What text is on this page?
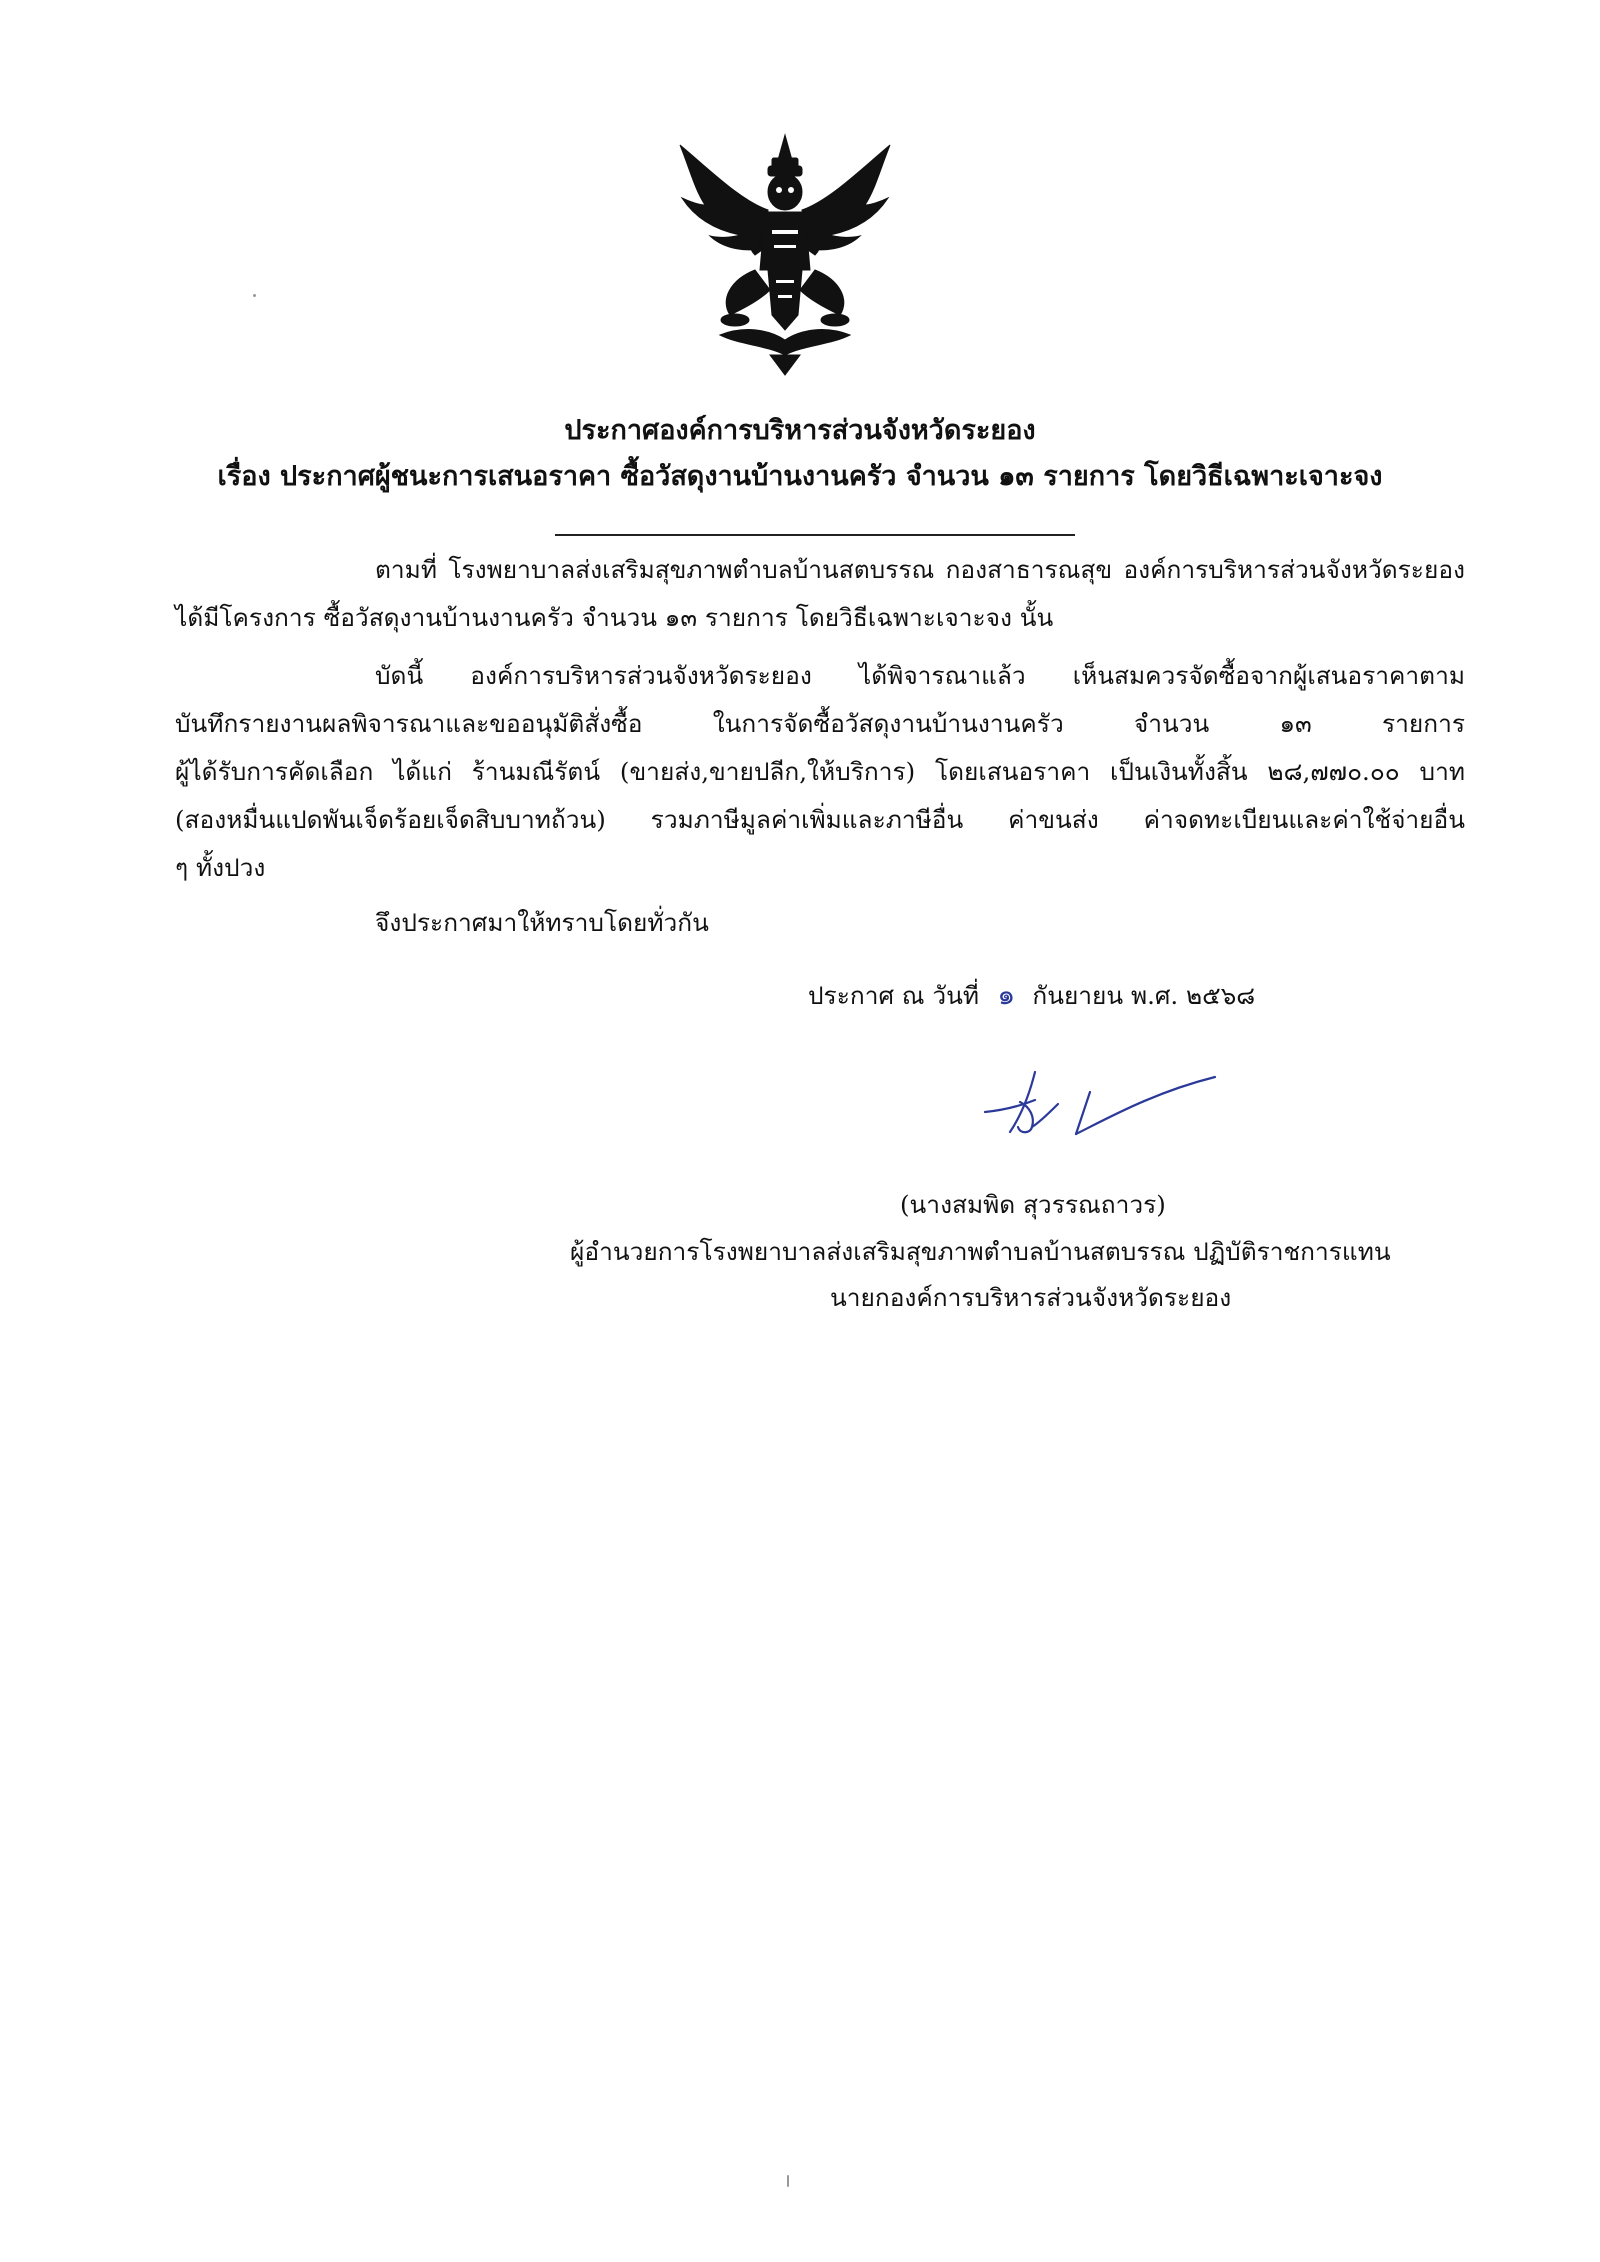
ประกาศองค์การบริหารส่วนจังหวัดระยอง
เรื่อง ประกาศผู้ชนะการเสนอราคา ซื้อวัสดุงานบ้านงานครัว จำนวน ๑๓ รายการ โดยวิธีเฉพาะเจาะจง
ตามที่ โรงพยาบาลส่งเสริมสุขภาพตำบลบ้านสตบรรณ กองสาธารณสุข องค์การบริหารส่วนจังหวัดระยอง
ได้มีโครงการ ซื้อวัสดุงานบ้านงานครัว จำนวน ๑๓ รายการ โดยวิธีเฉพาะเจาะจง นั้น
บัดนี้ องค์การบริหารส่วนจังหวัดระยอง ได้พิจารณาแล้ว เห็นสมควรจัดซื้อจากผู้เสนอราคาตาม
บันทึกรายงานผลพิจารณาและขออนุมัติสั่งซื้อ ในการจัดซื้อวัสดุงานบ้านงานครัว จำนวน ๑๓ รายการ
ผู้ได้รับการคัดเลือก ได้แก่ ร้านมณีรัตน์ (ขายส่ง,ขายปลีก,ให้บริการ) โดยเสนอราคา เป็นเงินทั้งสิ้น ๒๘,๗๗๐.๐๐ บาท
(สองหมื่นแปดพันเจ็ดร้อยเจ็ดสิบบาทถ้วน) รวมภาษีมูลค่าเพิ่มและภาษีอื่น ค่าขนส่ง ค่าจดทะเบียนและค่าใช้จ่ายอื่น
ๆ ทั้งปวง
จึงประกาศมาให้ทราบโดยทั่วกัน
ประกาศ ณ วันที่ ๑ กันยายน พ.ศ. ๒๕๖๘
(นางสมพิด สุวรรณถาวร)
ผู้อำนวยการโรงพยาบาลส่งเสริมสุขภาพตำบลบ้านสตบรรณ ปฏิบัติราชการแทน
นายกองค์การบริหารส่วนจังหวัดระยอง
